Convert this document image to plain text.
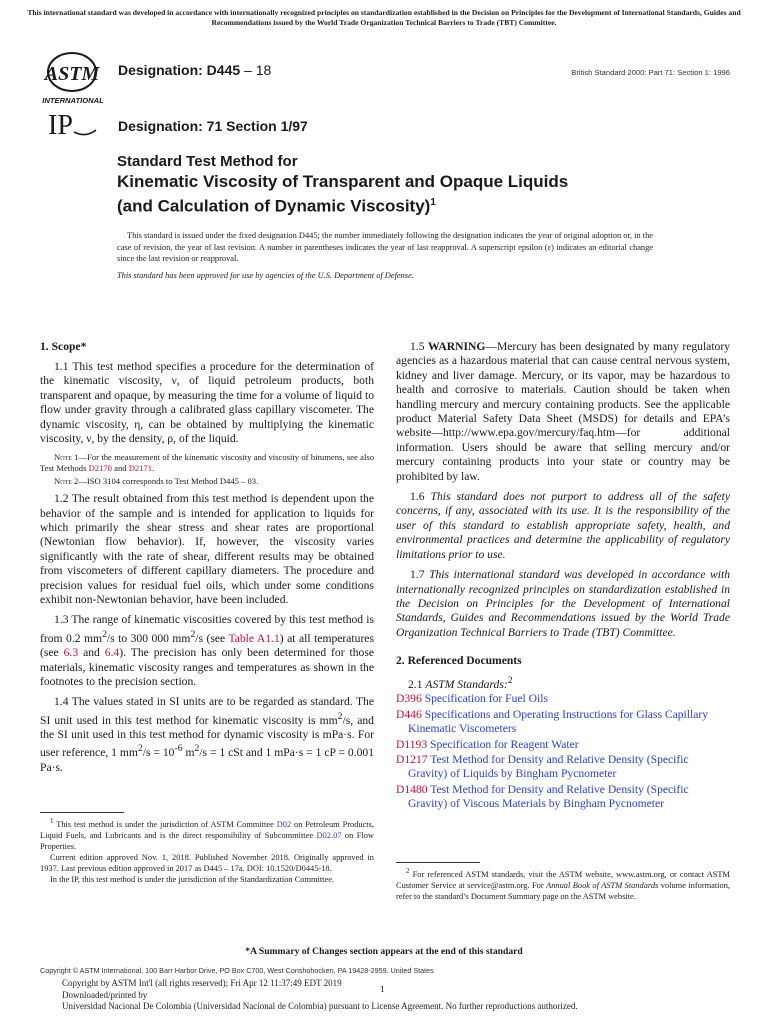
This international standard was developed in accordance with internationally recognized principles on standardization established in the Decision on Principles for the Development of International Standards, Guides and Recommendations issued by the World Trade Organization Technical Barriers to Trade (TBT) Committee.
ASTM
INTERNATIONAL
IP
Designation: D445 – 18	British Standard 2000: Part 71: Section 1: 1996
Designation: 71 Section 1/97
Standard Test Method for
Kinematic Viscosity of Transparent and Opaque Liquids
(and Calculation of Dynamic Viscosity)$^1$

This standard is issued under the fixed designation D445; the number immediately following the designation indicates the year of original adoption or, in the case of revision, the year of last revision. A number in parentheses indicates the year of last reapproval. A superscript epsilon (ε) indicates an editorial change since the last revision or reapproval.

This standard has been approved for use by agencies of the U.S. Department of Defense.

1. Scope*

1.1 This test method specifies a procedure for the determination of the kinematic viscosity, ν, of liquid petroleum products, both transparent and opaque, by measuring the time for a volume of liquid to flow under gravity through a calibrated glass capillary viscometer. The dynamic viscosity, η, can be obtained by multiplying the kinematic viscosity, ν, by the density, ρ, of the liquid.

Note 1—For the measurement of the kinematic viscosity and viscosity of bitumens, see also Test Methods D2170 and D2171.

Note 2—ISO 3104 corresponds to Test Method D445 – 03.

1.2 The result obtained from this test method is dependent upon the behavior of the sample and is intended for application to liquids for which primarily the shear stress and shear rates are proportional (Newtonian flow behavior). If, however, the viscosity varies significantly with the rate of shear, different results may be obtained from viscometers of different capillary diameters. The procedure and precision values for residual fuel oils, which under some conditions exhibit non-Newtonian behavior, have been included.

1.3 The range of kinematic viscosities covered by this test method is from 0.2 $mm^2/s$ to 300 000 $mm^2/s$ (see Table A1.1) at all temperatures (see 6.3 and 6.4). The precision has only been determined for those materials, kinematic viscosity ranges and temperatures as shown in the footnotes to the precision section.

1.4 The values stated in SI units are to be regarded as standard. The SI unit used in this test method for kinematic viscosity is $mm^2/s$, and the SI unit used in this test method for dynamic viscosity is mPa·s. For user reference, 1 $mm^2/s = 10^{-6}$ $m^2/s = 1$ cSt and 1 mPa·s = 1 cP = 0.001 Pa·s.

1.5 WARNING—Mercury has been designated by many regulatory agencies as a hazardous material that can cause central nervous system, kidney and liver damage. Mercury, or its vapor, may be hazardous to health and corrosive to materials. Caution should be taken when handling mercury and mercury containing products. See the applicable product Material Safety Data Sheet (MSDS) for details and EPA’s website—http://www.epa.gov/mercury/faq.htm—for additional information. Users should be aware that selling mercury and/or mercury containing products into your state or country may be prohibited by law.

1.6 This standard does not purport to address all of the safety concerns, if any, associated with its use. It is the responsibility of the user of this standard to establish appropriate safety, health, and environmental practices and determine the applicability of regulatory limitations prior to use.

1.7 This international standard was developed in accordance with internationally recognized principles on standardization established in the Decision on Principles for the Development of International Standards, Guides and Recommendations issued by the World Trade Organization Technical Barriers to Trade (TBT) Committee.

2. Referenced Documents
2.1 ASTM Standards:$^2$
D396 Specification for Fuel Oils
D446 Specifications and Operating Instructions for Glass Capillary Kinematic Viscometers
D1193 Specification for Reagent Water
D1217 Test Method for Density and Relative Density (Specific Gravity) of Liquids by Bingham Pycnometer
D1480 Test Method for Density and Relative Density (Specific Gravity) of Viscous Materials by Bingham Pycnometer

$^1$ This test method is under the jurisdiction of ASTM Committee D02 on Petroleum Products, Liquid Fuels, and Lubricants and is the direct responsibility of Subcommittee D02.07 on Flow Properties.

Current edition approved Nov. 1, 2018. Published November 2018. Originally approved in 1937. Last previous edition approved in 2017 as D445 – 17a. DOI: 10.1520/D0445-18.

In the IP, this test method is under the jurisdiction of the Standardization Committee.

$^2$ For referenced ASTM standards, visit the ASTM website, www.astm.org, or contact ASTM Customer Service at service@astm.org. For Annual Book of ASTM Standards volume information, refer to the standard’s Document Summary page on the ASTM website.

*A Summary of Changes section appears at the end of this standard
Copyright © ASTM International, 100 Barr Harbor Drive, PO Box C700, West Conshohocken, PA 19428-2959. United States
Copyright by ASTM Int'l (all rights reserved); Fri Apr 12 11:37:49 EDT 2019
Downloaded/printed by
Universidad Nacional De Colombia (Universidad Nacional de Colombia) pursuant to License Agreement. No further reproductions authorized.
1
